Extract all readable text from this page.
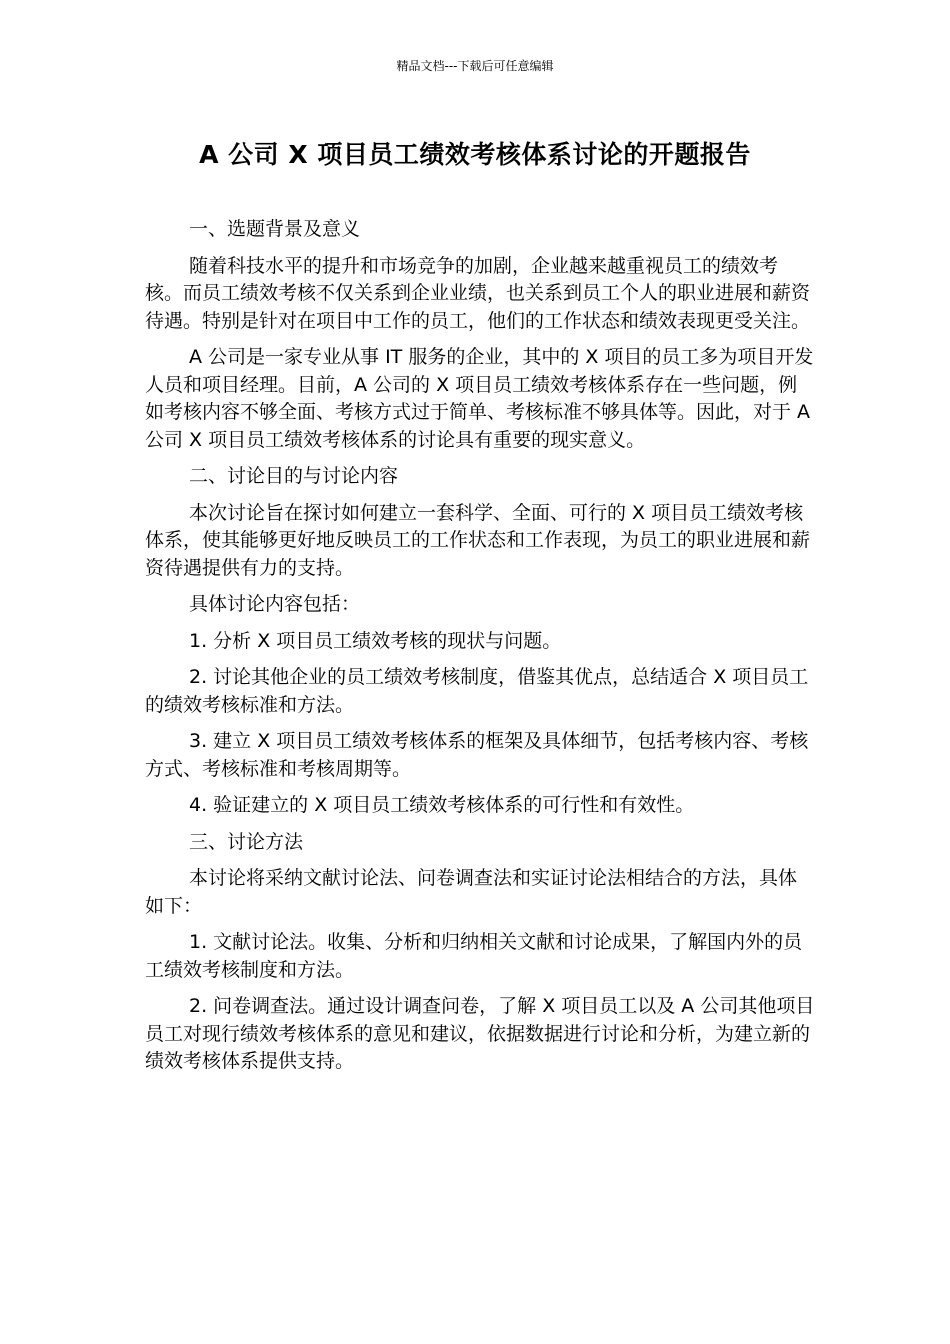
精品文档---下载后可任意编辑
A 公司 X 项目员工绩效考核体系讨论的开题报告

一、选题背景及意义

随着科技水平的提升和市场竞争的加剧，企业越来越重视员工的绩效考核。而员工绩效考核不仅关系到企业业绩，也关系到员工个人的职业进展和薪资待遇。特别是针对在项目中工作的员工，他们的工作状态和绩效表现更受关注。

A 公司是一家专业从事 IT 服务的企业，其中的 X 项目的员工多为项目开发人员和项目经理。目前，A 公司的 X 项目员工绩效考核体系存在一些问题，例如考核内容不够全面、考核方式过于简单、考核标准不够具体等。因此，对于 A 公司 X 项目员工绩效考核体系的讨论具有重要的现实意义。

二、讨论目的与讨论内容

本次讨论旨在探讨如何建立一套科学、全面、可行的 X 项目员工绩效考核体系，使其能够更好地反映员工的工作状态和工作表现，为员工的职业进展和薪资待遇提供有力的支持。

具体讨论内容包括：

1. 分析 X 项目员工绩效考核的现状与问题。

2. 讨论其他企业的员工绩效考核制度，借鉴其优点，总结适合 X 项目员工的绩效考核标准和方法。

3. 建立 X 项目员工绩效考核体系的框架及具体细节，包括考核内容、考核方式、考核标准和考核周期等。

4. 验证建立的 X 项目员工绩效考核体系的可行性和有效性。

三、讨论方法

本讨论将采纳文献讨论法、问卷调查法和实证讨论法相结合的方法，具体如下：

1. 文献讨论法。收集、分析和归纳相关文献和讨论成果，了解国内外的员工绩效考核制度和方法。

2. 问卷调查法。通过设计调查问卷，了解 X 项目员工以及 A 公司其他项目员工对现行绩效考核体系的意见和建议，依据数据进行讨论和分析，为建立新的绩效考核体系提供支持。
